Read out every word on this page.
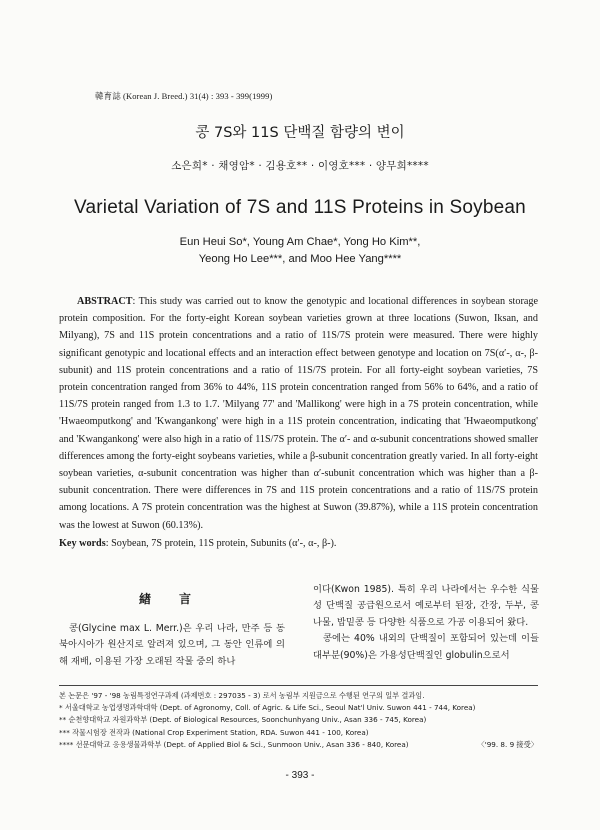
韓育誌 (Korean J. Breed.) 31(4) : 393 - 399(1999)
콩 7S와 11S 단백질 함량의 변이
소은희* · 채영암* · 김용호** · 이영호*** · 양무희****
Varietal Variation of 7S and 11S Proteins in Soybean
Eun Heui So*, Young Am Chae*, Yong Ho Kim**,
Yeong Ho Lee***, and Moo Hee Yang****

ABSTRACT: This study was carried out to know the genotypic and locational differences in soybean storage protein composition. For the forty-eight Korean soybean varieties grown at three locations (Suwon, Iksan, and Milyang), 7S and 11S protein concentrations and a ratio of 11S/7S protein were measured. There were highly significant genotypic and locational effects and an interaction effect between genotype and location on 7S(α′-, α-, β-subunit) and 11S protein concentrations and a ratio of 11S/7S protein. For all forty-eight soybean varieties, 7S protein concentration ranged from 36% to 44%, 11S protein concentration ranged from 56% to 64%, and a ratio of 11S/7S protein ranged from 1.3 to 1.7. 'Milyang 77' and 'Mallikong' were high in a 7S protein concentration, while 'Hwaeomputkong' and 'Kwangankong' were high in a 11S protein concentration, indicating that 'Hwaeomputkong' and 'Kwangankong' were also high in a ratio of 11S/7S protein. The α′- and α-subunit concentrations showed smaller differences among the forty-eight soybeans varieties, while a β-subunit concentration greatly varied. In all forty-eight soybean varieties, α-subunit concentration was higher than α′-subunit concentration which was higher than a β-subunit concentration. There were differences in 7S and 11S protein concentrations and a ratio of 11S/7S protein among locations. A 7S protein concentration was the highest at Suwon (39.87%), while a 11S protein concentration was the lowest at Suwon (60.13%).

Key words: Soybean, 7S protein, 11S protein, Subunits (α′-, α-, β-).
緖言

콩(Glycine max L. Merr.)은 우리 나라, 만주 등 동북아시아가 원산지로 알려져 있으며, 그 동안 인류에 의해 재배, 이용된 가장 오래된 작물 중의 하나

이다(Kwon 1985). 특히 우리 나라에서는 우수한 식물성 단백질 공급원으로서 예로부터 된장, 간장, 두부, 콩나물, 밥밑콩 등 다양한 식품으로 가공 이용되어 왔다.

콩에는 40% 내외의 단백질이 포함되어 있는데 이들 대부분(90%)은 가용성단백질인 globulin으로서

본 논문은 '97 - '98 농림특정연구과제 (과제번호 : 297035 - 3) 로서 농림부 지원금으로 수행된 연구의 일부 결과임.
* 서울대학교 농업생명과학대학 (Dept. of Agronomy, Coll. of Agric. & Life Sci., Seoul Nat'l Univ. Suwon 441 - 744, Korea)
** 순천향대학교 자원과학부 (Dept. of Biological Resources, Soonchunhyang Univ., Asan 336 - 745, Korea)
*** 작물시험장 전작과 (National Crop Experiment Station, RDA. Suwon 441 - 100, Korea)
**** 선문대학교 응용생물과학부 (Dept. of Applied Biol & Sci., Sunmoon Univ., Asan 336 - 840, Korea)	〈'99. 8. 9 接受〉
- 393 -
